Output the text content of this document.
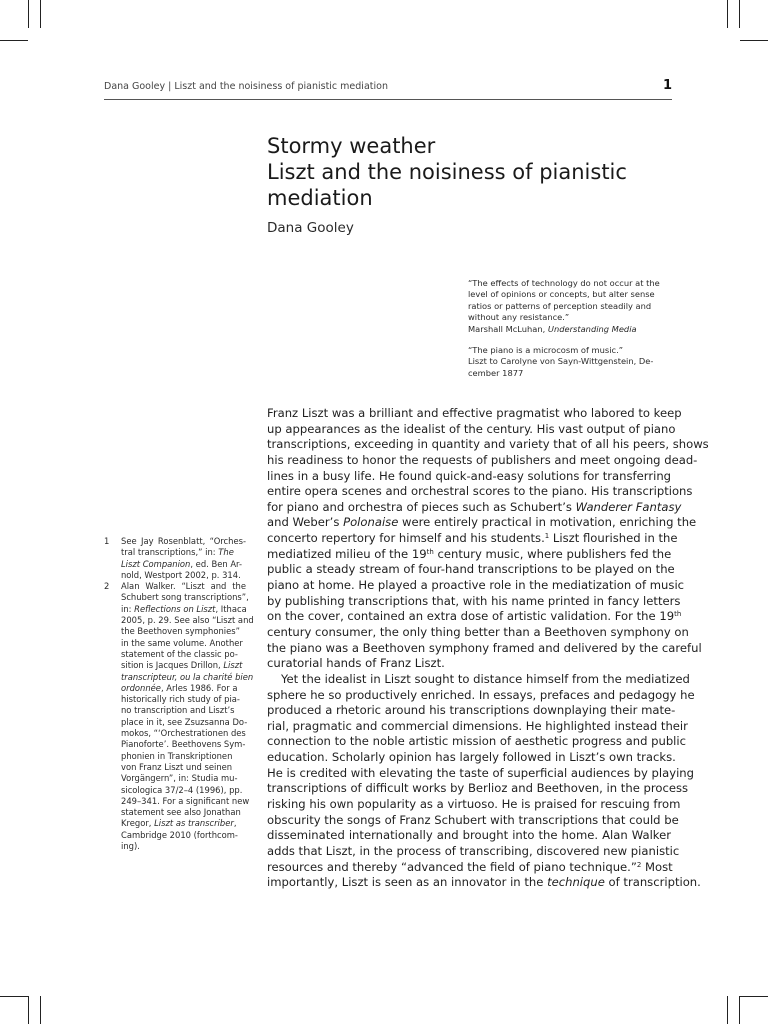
Dana Gooley | Liszt and the noisiness of pianistic mediation	1
Stormy weather
Liszt and the noisiness of pianistic
mediation
Dana Gooley
“The effects of technology do not occur at the
level of opinions or concepts, but alter sense
ratios or patterns of perception steadily and
without any resistance.”
Marshall McLuhan, Understanding Media
“The piano is a microcosm of music.”
Liszt to Carolyne von Sayn-Wittgenstein, De-
cember 1877
Franz Liszt was a brilliant and effective pragmatist who labored to keep
up appearances as the idealist of the century. His vast output of piano
transcriptions, exceeding in quantity and variety that of all his peers, shows
his readiness to honor the requests of publishers and meet ongoing dead-
lines in a busy life. He found quick-and-easy solutions for transferring
entire opera scenes and orchestral scores to the piano. His transcriptions
for piano and orchestra of pieces such as Schubert’s Wanderer Fantasy
and Weber’s Polonaise were entirely practical in motivation, enriching the
concerto repertory for himself and his students.$^1$ Liszt flourished in the
mediatized milieu of the 19th century music, where publishers fed the
public a steady stream of four-hand transcriptions to be played on the
piano at home. He played a proactive role in the mediatization of music
by publishing transcriptions that, with his name printed in fancy letters
on the cover, contained an extra dose of artistic validation. For the 19th
century consumer, the only thing better than a Beethoven symphony on
the piano was a Beethoven symphony framed and delivered by the careful
curatorial hands of Franz Liszt.
Yet the idealist in Liszt sought to distance himself from the mediatized
sphere he so productively enriched. In essays, prefaces and pedagogy he
produced a rhetoric around his transcriptions downplaying their mate-
rial, pragmatic and commercial dimensions. He highlighted instead their
connection to the noble artistic mission of aesthetic progress and public
education. Scholarly opinion has largely followed in Liszt’s own tracks.
He is credited with elevating the taste of superficial audiences by playing
transcriptions of difficult works by Berlioz and Beethoven, in the process
risking his own popularity as a virtuoso. He is praised for rescuing from
obscurity the songs of Franz Schubert with transcriptions that could be
disseminated internationally and brought into the home. Alan Walker
adds that Liszt, in the process of transcribing, discovered new pianistic
resources and thereby “advanced the field of piano technique.”$^2$ Most
importantly, Liszt is seen as an innovator in the technique of transcription.
1 See Jay Rosenblatt, “Orches-
tral transcriptions,” in: The
Liszt Companion, ed. Ben Ar-
nold, Westport 2002, p. 314.
2 Alan Walker. “Liszt and the
Schubert song transcriptions”,
in: Reflections on Liszt, Ithaca
2005, p. 29. See also “Liszt and
the Beethoven symphonies”
in the same volume. Another
statement of the classic po-
sition is Jacques Drillon, Liszt
transcripteur, ou la charité bien
ordonnée, Arles 1986. For a
historically rich study of pia-
no transcription and Liszt’s
place in it, see Zsuzsanna Do-
mokos, “‘Orchestrationen des
Pianoforte’. Beethovens Sym-
phonien in Transkriptionen
von Franz Liszt und seinen
Vorgängern”, in: Studia mu-
sicologica 37/2–4 (1996), pp.
249–341. For a significant new
statement see also Jonathan
Kregor, Liszt as transcriber,
Cambridge 2010 (forthcom-
ing).
